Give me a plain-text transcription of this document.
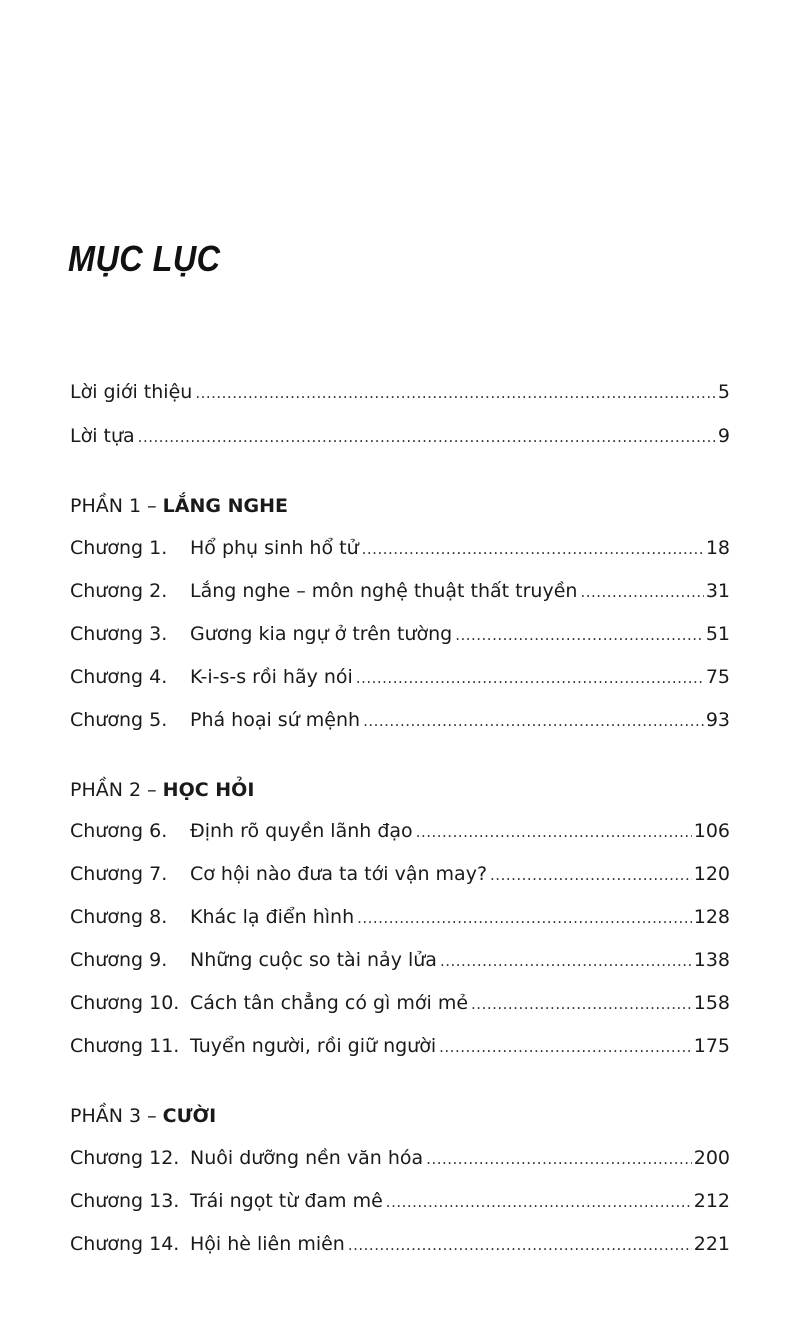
MỤC LỤC
Lời giới thiệu .....	5
Lời tựa .....	9
PHẦN 1 – LẮNG NGHE
Chương 1.	Hổ phụ sinh hổ tử .....	18
Chương 2.	Lắng nghe – môn nghệ thuật thất truyền .....	31
Chương 3.	Gương kia ngự ở trên tường .....	51
Chương 4.	K-i-s-s rồi hãy nói .....	75
Chương 5.	Phá hoại sứ mệnh .....	93
PHẦN 2 – HỌC HỎI
Chương 6.	Định rõ quyền lãnh đạo .....	106
Chương 7.	Cơ hội nào đưa ta tới vận may? .....	120
Chương 8.	Khác lạ điển hình .....	128
Chương 9.	Những cuộc so tài nảy lửa .....	138
Chương 10. Cách tân chẳng có gì mới mẻ .....	158
Chương 11. Tuyển người, rồi giữ người .....	175
PHẦN 3 – CƯỜI
Chương 12. Nuôi dưỡng nền văn hóa .....	200
Chương 13. Trái ngọt từ đam mê .....	212
Chương 14. Hội hè liên miên .....	221
